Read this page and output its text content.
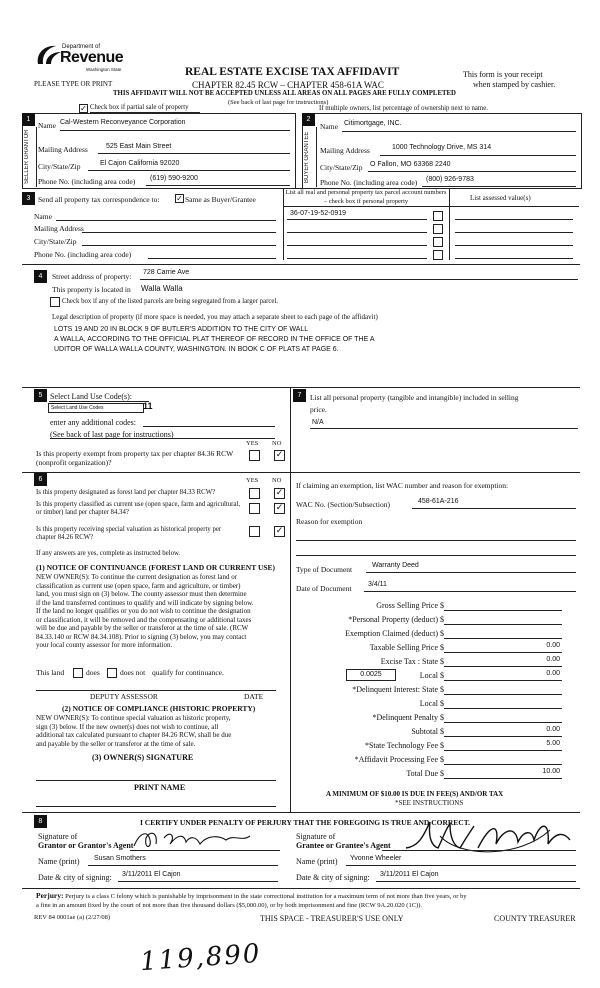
Department of
Revenue
Washington State
PLEASE TYPE OR PRINT
REAL ESTATE EXCISE TAX AFFIDAVIT
CHAPTER 82.45 RCW – CHAPTER 458-61A WAC
THIS AFFIDAVIT WILL NOT BE ACCEPTED UNLESS ALL AREAS ON ALL PAGES ARE FULLY COMPLETED
(See back of last page for instructions)
This form is your receipt
when stamped by cashier.
✓ Check box if partial sale of property	If multiple owners, list percentage of ownership next to name.
1	2
SELLER GRANTOR	BUYER GRANTEE
Name Cal-Western Reconveyance Corporation
Mailing Address	525 East Main Street
City/State/Zip	El Cajon California 92020
Phone No. (including area code) (619) 590-9200
Name Citimortgage, INC.
Mailing Address	1000 Technology Drive, MS 314
City/State/Zip O Fallon, MO 63368 2240
Phone No. (including area code) (800) 926-9783
3	Send all property tax correspondence to: ✓ Same as Buyer/Grantee
List all real and personal property tax parcel account numbers – check box if personal property	List assessed value(s)
Name
Mailing Address
City/State/Zip
Phone No. (including area code)
36-07-19-52-0919
4	Street address of property: 728 Carrie Ave
This property is located in Walla Walla
Check box if any of the listed parcels are being segregated from a larger parcel.
Legal description of property (if more space is needed, you may attach a separate sheet to each page of the affidavit)
LOTS 19 AND 20 IN BLOCK 9 OF BUTLER'S ADDITION TO THE CITY OF WALL
A WALLA, ACCORDING TO THE OFFICIAL PLAT THEREOF OF RECORD IN THE OFFICE OF THE A
UDITOR OF WALLA WALLA COUNTY, WASHINGTON. IN BOOK C OF PLATS AT PAGE 6.
5 Select Land Use Code(s):
Select Land Use Codes	11
enter any additional codes:
(See back of last page for instructions)
YES NO
Is this property exempt from property tax per chapter 84.36 RCW (nonprofit organization)?
✓
6	YES NO
Is this property designated as forest land per chapter 84.33 RCW?	✓
Is this property classified as current use (open space, farm and agricultural, or timber) land per chapter 84.34?	✓
Is this property receiving special valuation as historical property per chapter 84.26 RCW?
✓
If any answers are yes, complete as instructed below.
(1) NOTICE OF CONTINUANCE (FOREST LAND OR CURRENT USE)
NEW OWNER(S): To continue the current designation as forest land or
classification as current use (open space, farm and agriculture, or timber)
land, you must sign on (3) below. The county assessor must then determine
if the land transferred continues to qualify and will indicate by signing below.
If the land no longer qualifies or you do not wish to continue the designation
or classification, it will be removed and the compensating or additional taxes
will be due and payable by the seller or transferor at the time of sale. (RCW
84.33.140 or RCW 84.34.108). Prior to signing (3) below, you may contact
your local county assessor for more information.
This land	does	does not qualify for continuance.
DEPUTY ASSESSOR	DATE
(2) NOTICE OF COMPLIANCE (HISTORIC PROPERTY)
NEW OWNER(S): To continue special valuation as historic property,
sign (3) below. If the new owner(s) does not wish to continue, all
additional tax calculated pursuant to chapter 84.26 RCW, shall be due
and payable by the seller or transferor at the time of sale.
(3) OWNER(S) SIGNATURE
PRINT NAME
7	List all personal property (tangible and intangible) included in selling
price.
N/A
If claiming an exemption, list WAC number and reason for exemption:
WAC No. (Section/Subsection)	458-61A-216
Reason for exemption
Type of Document	Warranty Deed
Date of Document 3/4/11
Gross Selling Price $
*Personal Property (deduct) $
Exemption Claimed (deduct) $
Taxable Selling Price $	0.00
Excise Tax : State $	0.00
0.0025	Local $	0.00
*Delinquent Interest: State $
Local $
*Delinquent Penalty $
Subtotal $	0.00
*State Technology Fee $	5.00
*Affidavit Processing Fee $
Total Due $	10.00
A MINIMUM OF $10.00 IS DUE IN FEE(S) AND/OR TAX
*SEE INSTRUCTIONS
8	I CERTIFY UNDER PENALTY OF PERJURY THAT THE FOREGOING IS TRUE AND CORRECT.
Signature of
Grantor or Grantor's Agent
Name (print) Susan Smothers
Date & city of signing: 3/11/2011 El Cajon
Signature of
Grantee or Grantee's Agent
Name (print) Yvonne Wheeler
Date & city of signing: 3/11/2011 El Cajon
Perjury: Perjury is a class C felony which is punishable by imprisonment in the state correctional institution for a maximum term of not more than five years, or by
a fine in an amount fixed by the court of not more than five thousand dollars ($5,000.00), or by both imprisonment and fine (RCW 9A.20.020 (1C)).
REV 84 0001ae (a) (2/27/08)	THIS SPACE - TREASURER'S USE ONLY	COUNTY TREASURER
119,890
